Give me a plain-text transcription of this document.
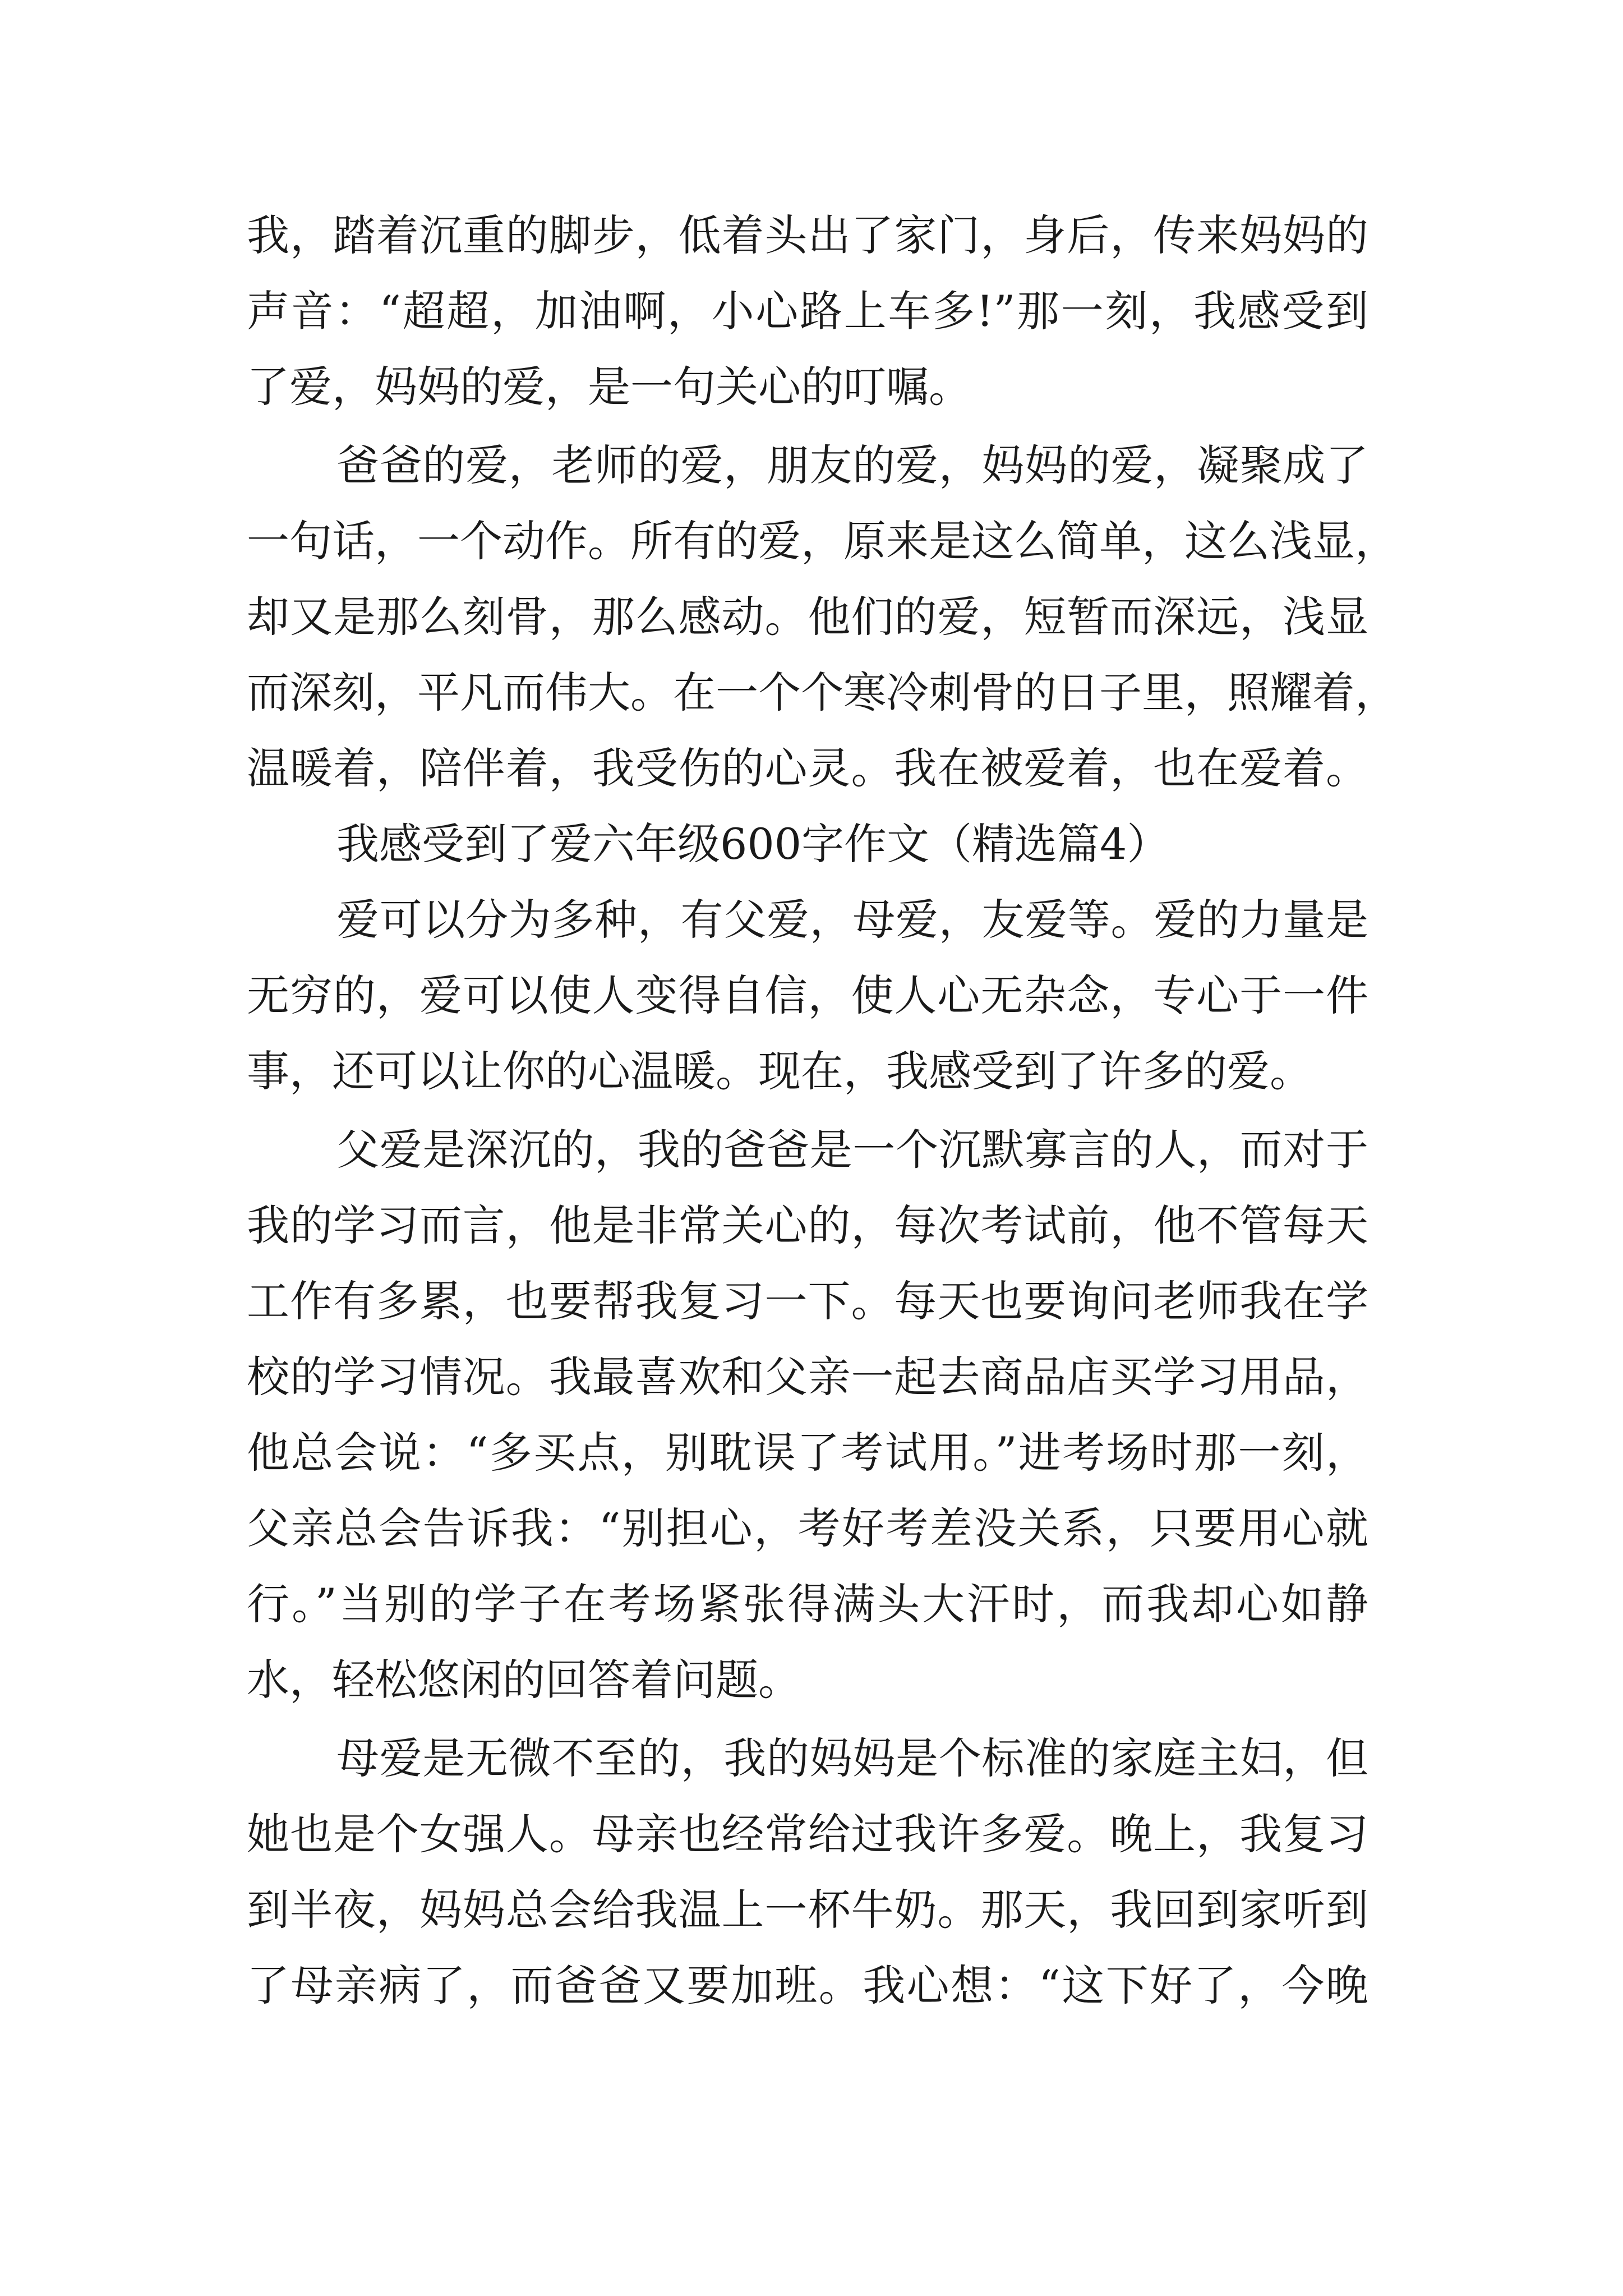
我，踏着沉重的脚步，低着头出了家门，身后，传来妈妈的
声音：“超超，加油啊，小心路上车多!”那一刻，我感受到
了爱，妈妈的爱，是一句关心的叮嘱。
爸爸的爱，老师的爱，朋友的爱，妈妈的爱，凝聚成了
一句话，一个动作。所有的爱，原来是这么简单，这么浅显，
却又是那么刻骨，那么感动。他们的爱，短暂而深远，浅显
而深刻，平凡而伟大。在一个个寒冷刺骨的日子里，照耀着，
温暖着，陪伴着，我受伤的心灵。我在被爱着，也在爱着。
我感受到了爱六年级600字作文（精选篇4）
爱可以分为多种，有父爱，母爱，友爱等。爱的力量是
无穷的，爱可以使人变得自信，使人心无杂念，专心于一件
事，还可以让你的心温暖。现在，我感受到了许多的爱。
父爱是深沉的，我的爸爸是一个沉默寡言的人，而对于
我的学习而言，他是非常关心的，每次考试前，他不管每天
工作有多累，也要帮我复习一下。每天也要询问老师我在学
校的学习情况。我最喜欢和父亲一起去商品店买学习用品，
他总会说：“多买点，别耽误了考试用。”进考场时那一刻，
父亲总会告诉我：“别担心，考好考差没关系，只要用心就
行。”当别的学子在考场紧张得满头大汗时，而我却心如静
水，轻松悠闲的回答着问题。
母爱是无微不至的，我的妈妈是个标准的家庭主妇，但
她也是个女强人。母亲也经常给过我许多爱。晚上，我复习
到半夜，妈妈总会给我温上一杯牛奶。那天，我回到家听到
了母亲病了，而爸爸又要加班。我心想：“这下好了，今晚
